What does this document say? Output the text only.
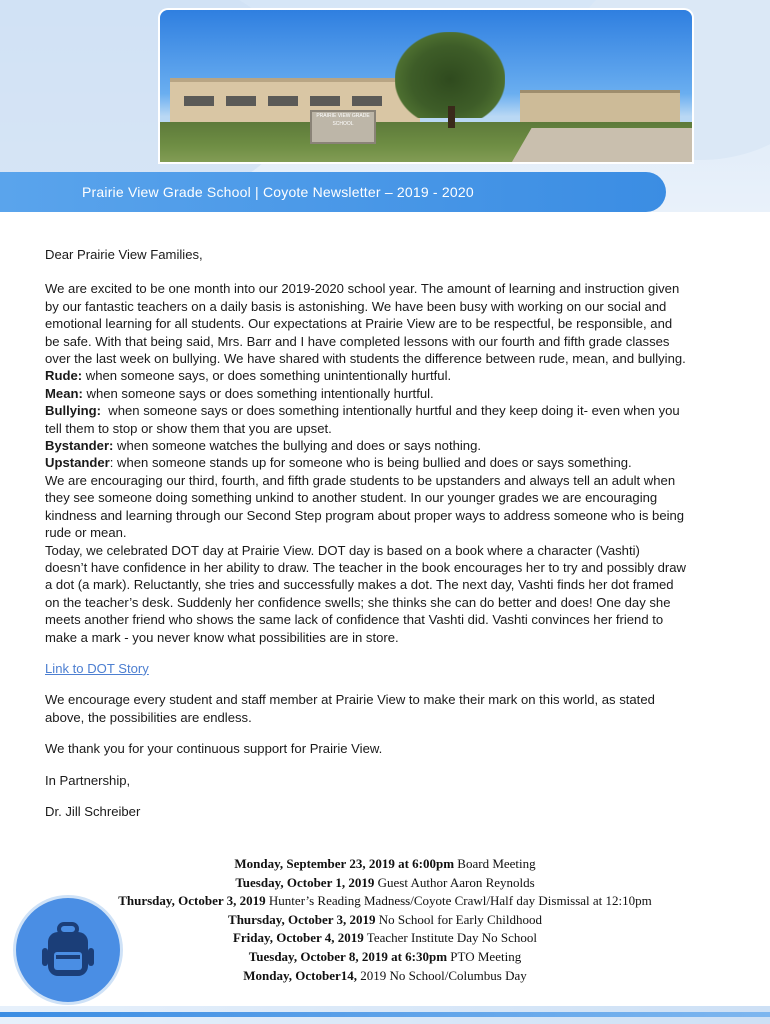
PRAIRIE VIEW GRADE SCHOOL
Prairie View Grade School | Coyote Newsletter – 2019 - 2020

Dear Prairie View Families,

We are excited to be one month into our 2019-2020 school year. The amount of learning and instruction given

by our fantastic teachers on a daily basis is astonishing. We have been busy with working on our social and

emotional learning for all students. Our expectations at Prairie View are to be respectful, be responsible, and

be safe. With that being said, Mrs. Barr and I have completed lessons with our fourth and fifth grade classes

over the last week on bullying. We have shared with students the difference between rude, mean, and bullying.

Rude: when someone says, or does something unintentionally hurtful.

Mean: when someone says or does something intentionally hurtful.

Bullying:  when someone says or does something intentionally hurtful and they keep doing it- even when you

tell them to stop or show them that you are upset.

Bystander: when someone watches the bullying and does or says nothing.

Upstander: when someone stands up for someone who is being bullied and does or says something.

We are encouraging our third, fourth, and fifth grade students to be upstanders and always tell an adult when

they see someone doing something unkind to another student. In our younger grades we are encouraging

kindness and learning through our Second Step program about proper ways to address someone who is being

rude or mean.

Today, we celebrated DOT day at Prairie View. DOT day is based on a book where a character (Vashti)

doesn’t have confidence in her ability to draw. The teacher in the book encourages her to try and possibly draw

a dot (a mark). Reluctantly, she tries and successfully makes a dot. The next day, Vashti finds her dot framed

on the teacher’s desk. Suddenly her confidence swells; she thinks she can do better and does! One day she

meets another friend who shows the same lack of confidence that Vashti did. Vashti convinces her friend to

make a mark - you never know what possibilities are in store.

Link to DOT Story

We encourage every student and staff member at Prairie View to make their mark on this world, as stated

above, the possibilities are endless.

We thank you for your continuous support for Prairie View.

In Partnership,

Dr. Jill Schreiber

Monday, September 23, 2019 at 6:00pm Board Meeting
Tuesday, October 1, 2019 Guest Author Aaron Reynolds
Thursday, October 3, 2019 Hunter’s Reading Madness/Coyote Crawl/Half day Dismissal at 12:10pm
Thursday, October 3, 2019 No School for Early Childhood
Friday, October 4, 2019 Teacher Institute Day No School
Tuesday, October 8, 2019 at 6:30pm PTO Meeting
Monday, October14, 2019 No School/Columbus Day
